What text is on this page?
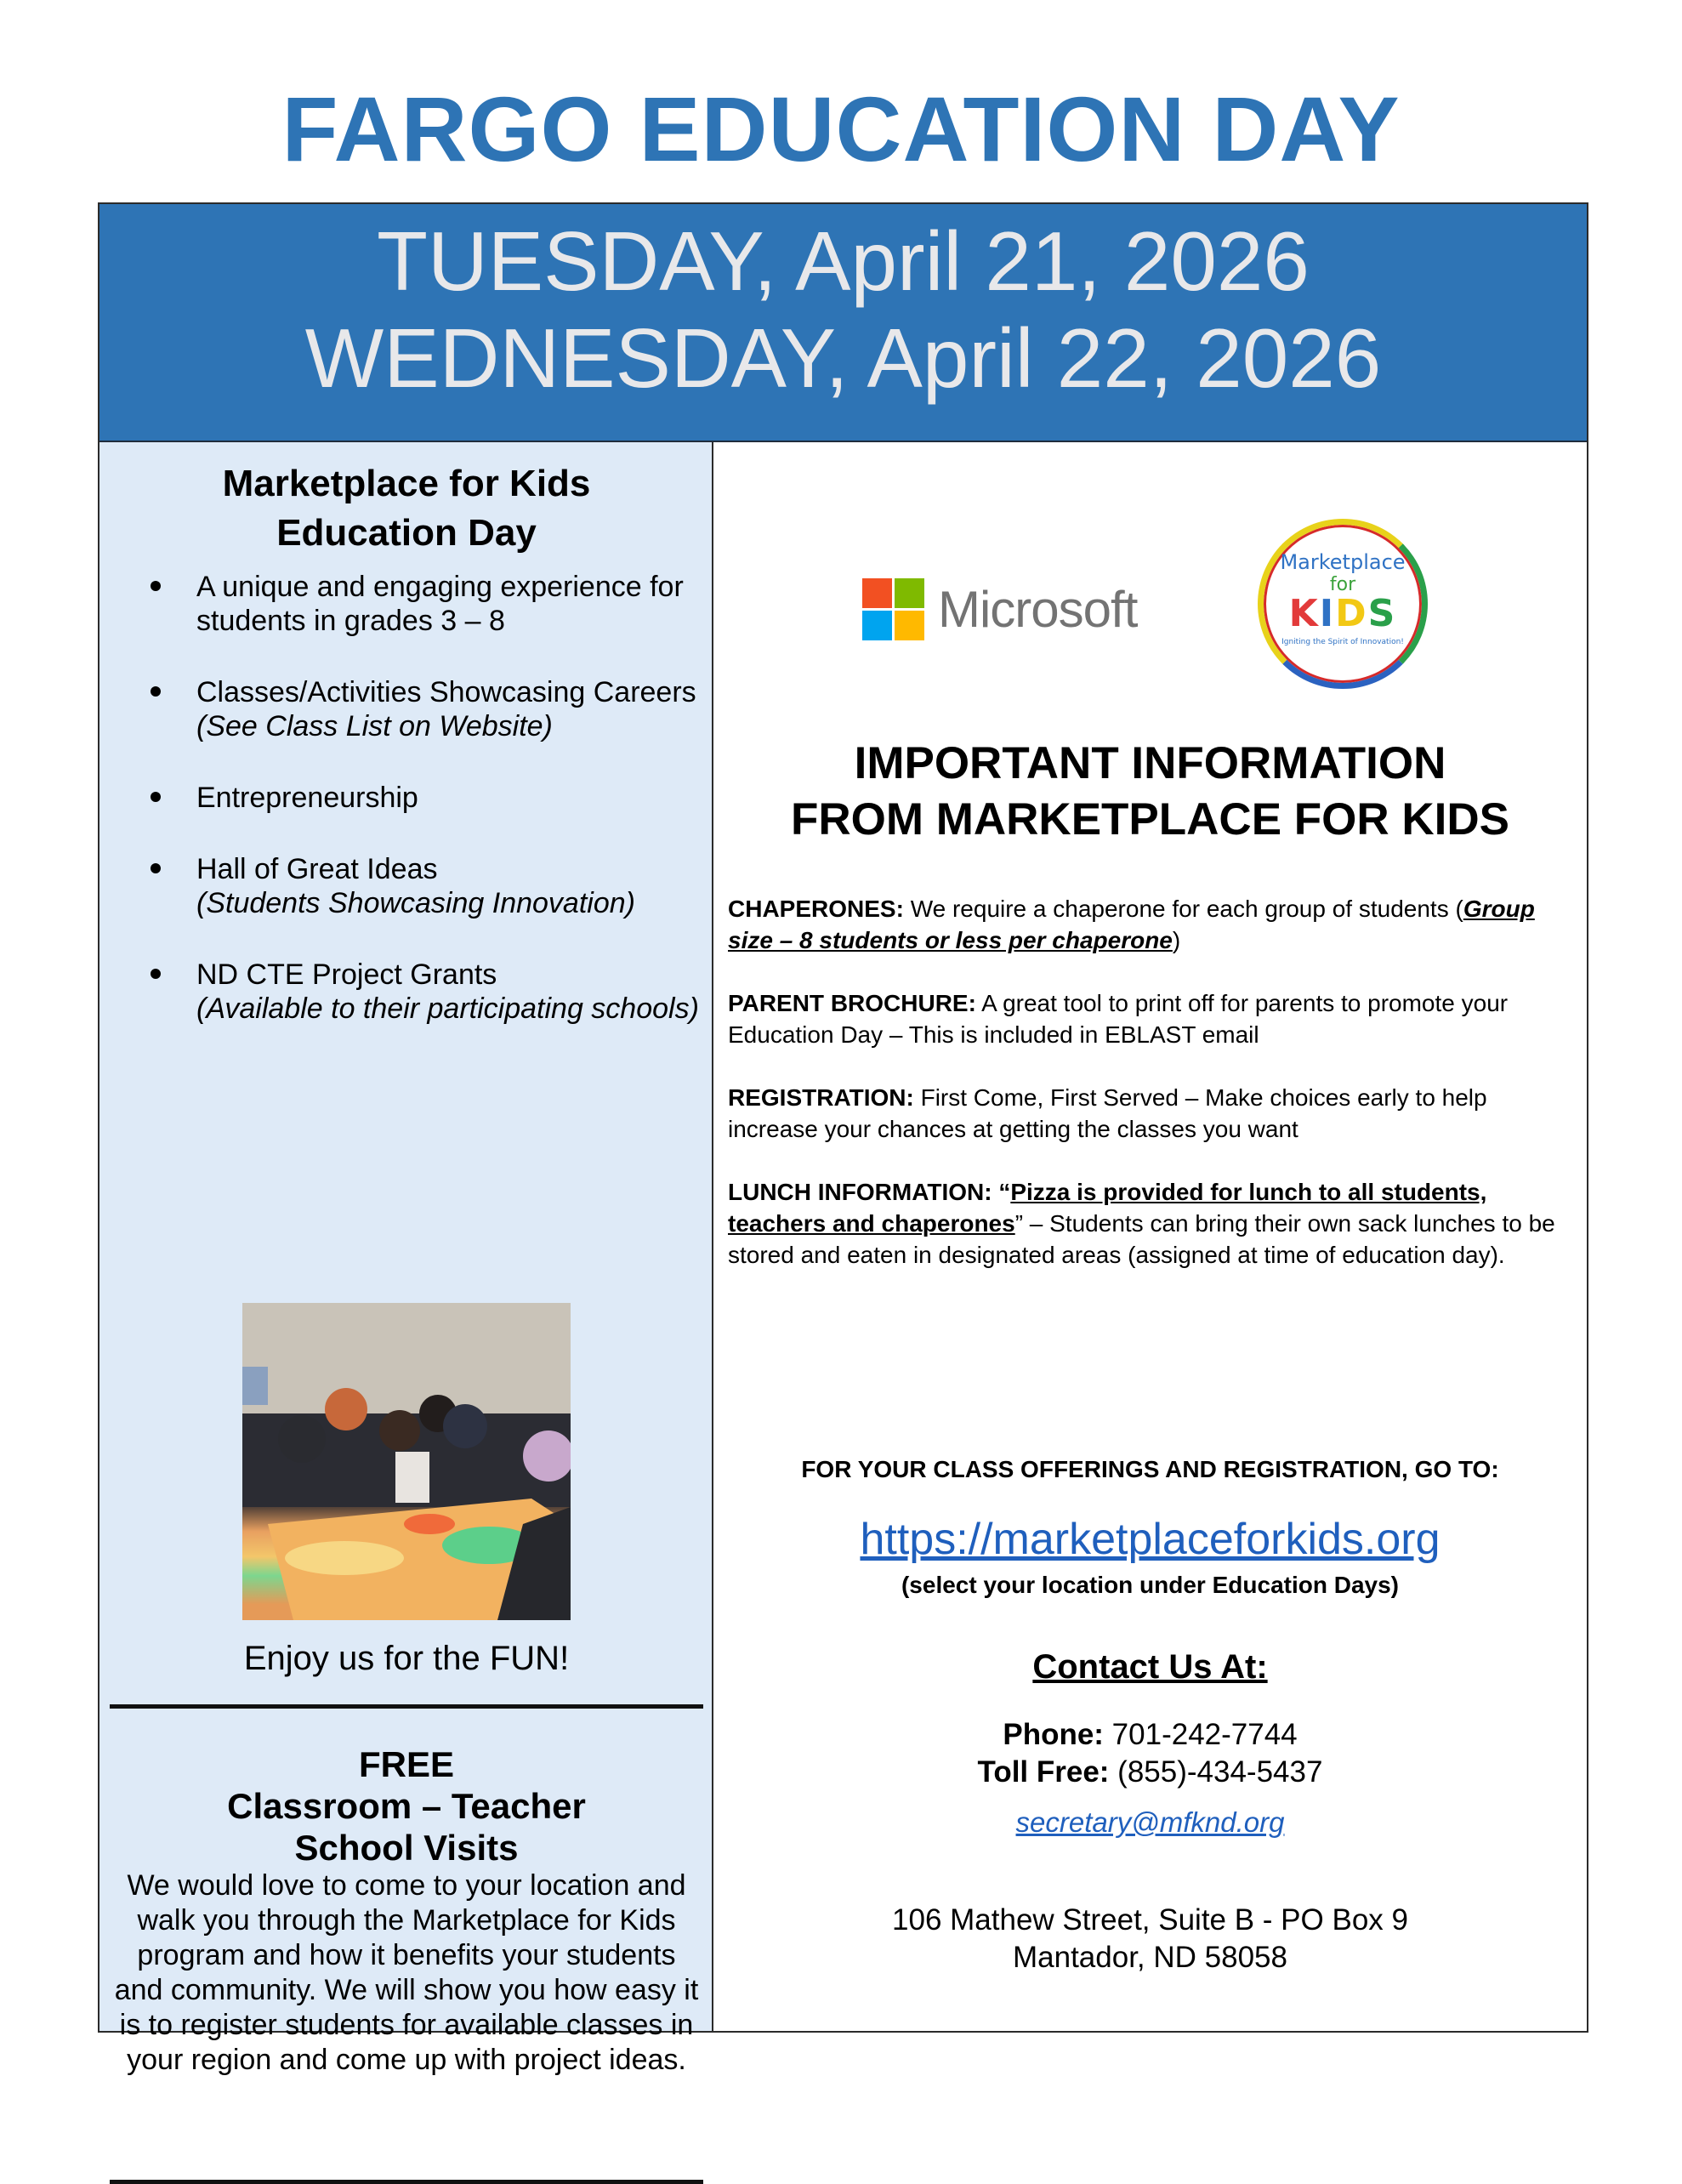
FARGO EDUCATION DAY
TUESDAY, April 21, 2026
WEDNESDAY, April 22, 2026
Marketplace for Kids
Education Day
A unique and engaging experience for students in grades 3 – 8
Classes/Activities Showcasing Careers (See Class List on Website)
Entrepreneurship
Hall of Great Ideas
(Students Showcasing Innovation)
ND CTE Project Grants
(Available to their participating schools)
Enjoy us for the FUN!
FREE
Classroom – Teacher
School Visits
We would love to come to your location and walk you through the Marketplace for Kids program and how it benefits your students and community. We will show you how easy it is to register students for available classes in your region and come up with project ideas.
Microsoft
Marketplace
for
KIDS
Igniting the Spirit of Innovation!
IMPORTANT INFORMATION
FROM MARKETPLACE FOR KIDS
CHAPERONES: We require a chaperone for each group of students (Group size – 8 students or less per chaperone)
PARENT BROCHURE: A great tool to print off for parents to promote your Education Day – This is included in EBLAST email
REGISTRATION: First Come, First Served – Make choices early to help increase your chances at getting the classes you want
LUNCH INFORMATION: “Pizza is provided for lunch to all students, teachers and chaperones” – Students can bring their own sack lunches to be stored and eaten in designated areas (assigned at time of education day).
FOR YOUR CLASS OFFERINGS AND REGISTRATION, GO TO:
https://marketplaceforkids.org
(select your location under Education Days)
Contact Us At:
Phone: 701-242-7744
Toll Free: (855)-434-5437
secretary@mfknd.org
106 Mathew Street, Suite B - PO Box 9
Mantador, ND 58058
